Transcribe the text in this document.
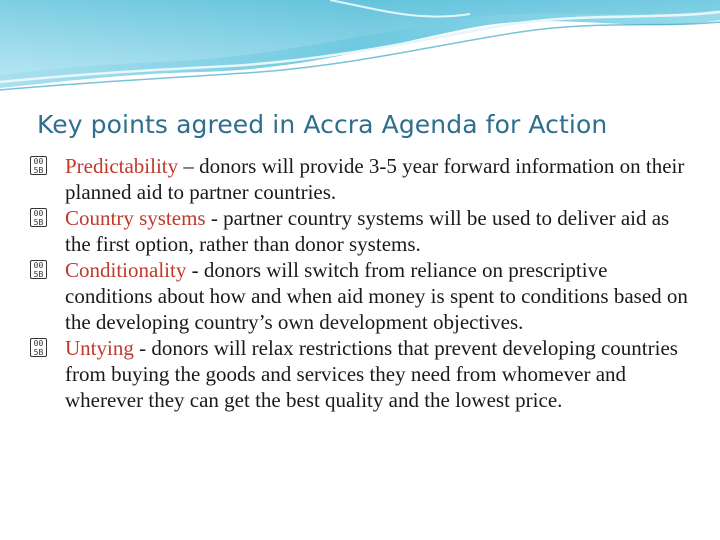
Key points agreed in Accra Agenda for Action
00
5B Predictability – donors will provide 3-5 year forward information on their planned aid to partner countries.
00
5B Country systems - partner country systems will be used to deliver aid as the first option, rather than donor systems.
00
5B Conditionality - donors will switch from reliance on prescriptive conditions about how and when aid money is spent to conditions based on the developing country’s own development objectives.
00
5B Untying - donors will relax restrictions that prevent developing countries from buying the goods and services they need from whomever and wherever they can get the best quality and the lowest price.
